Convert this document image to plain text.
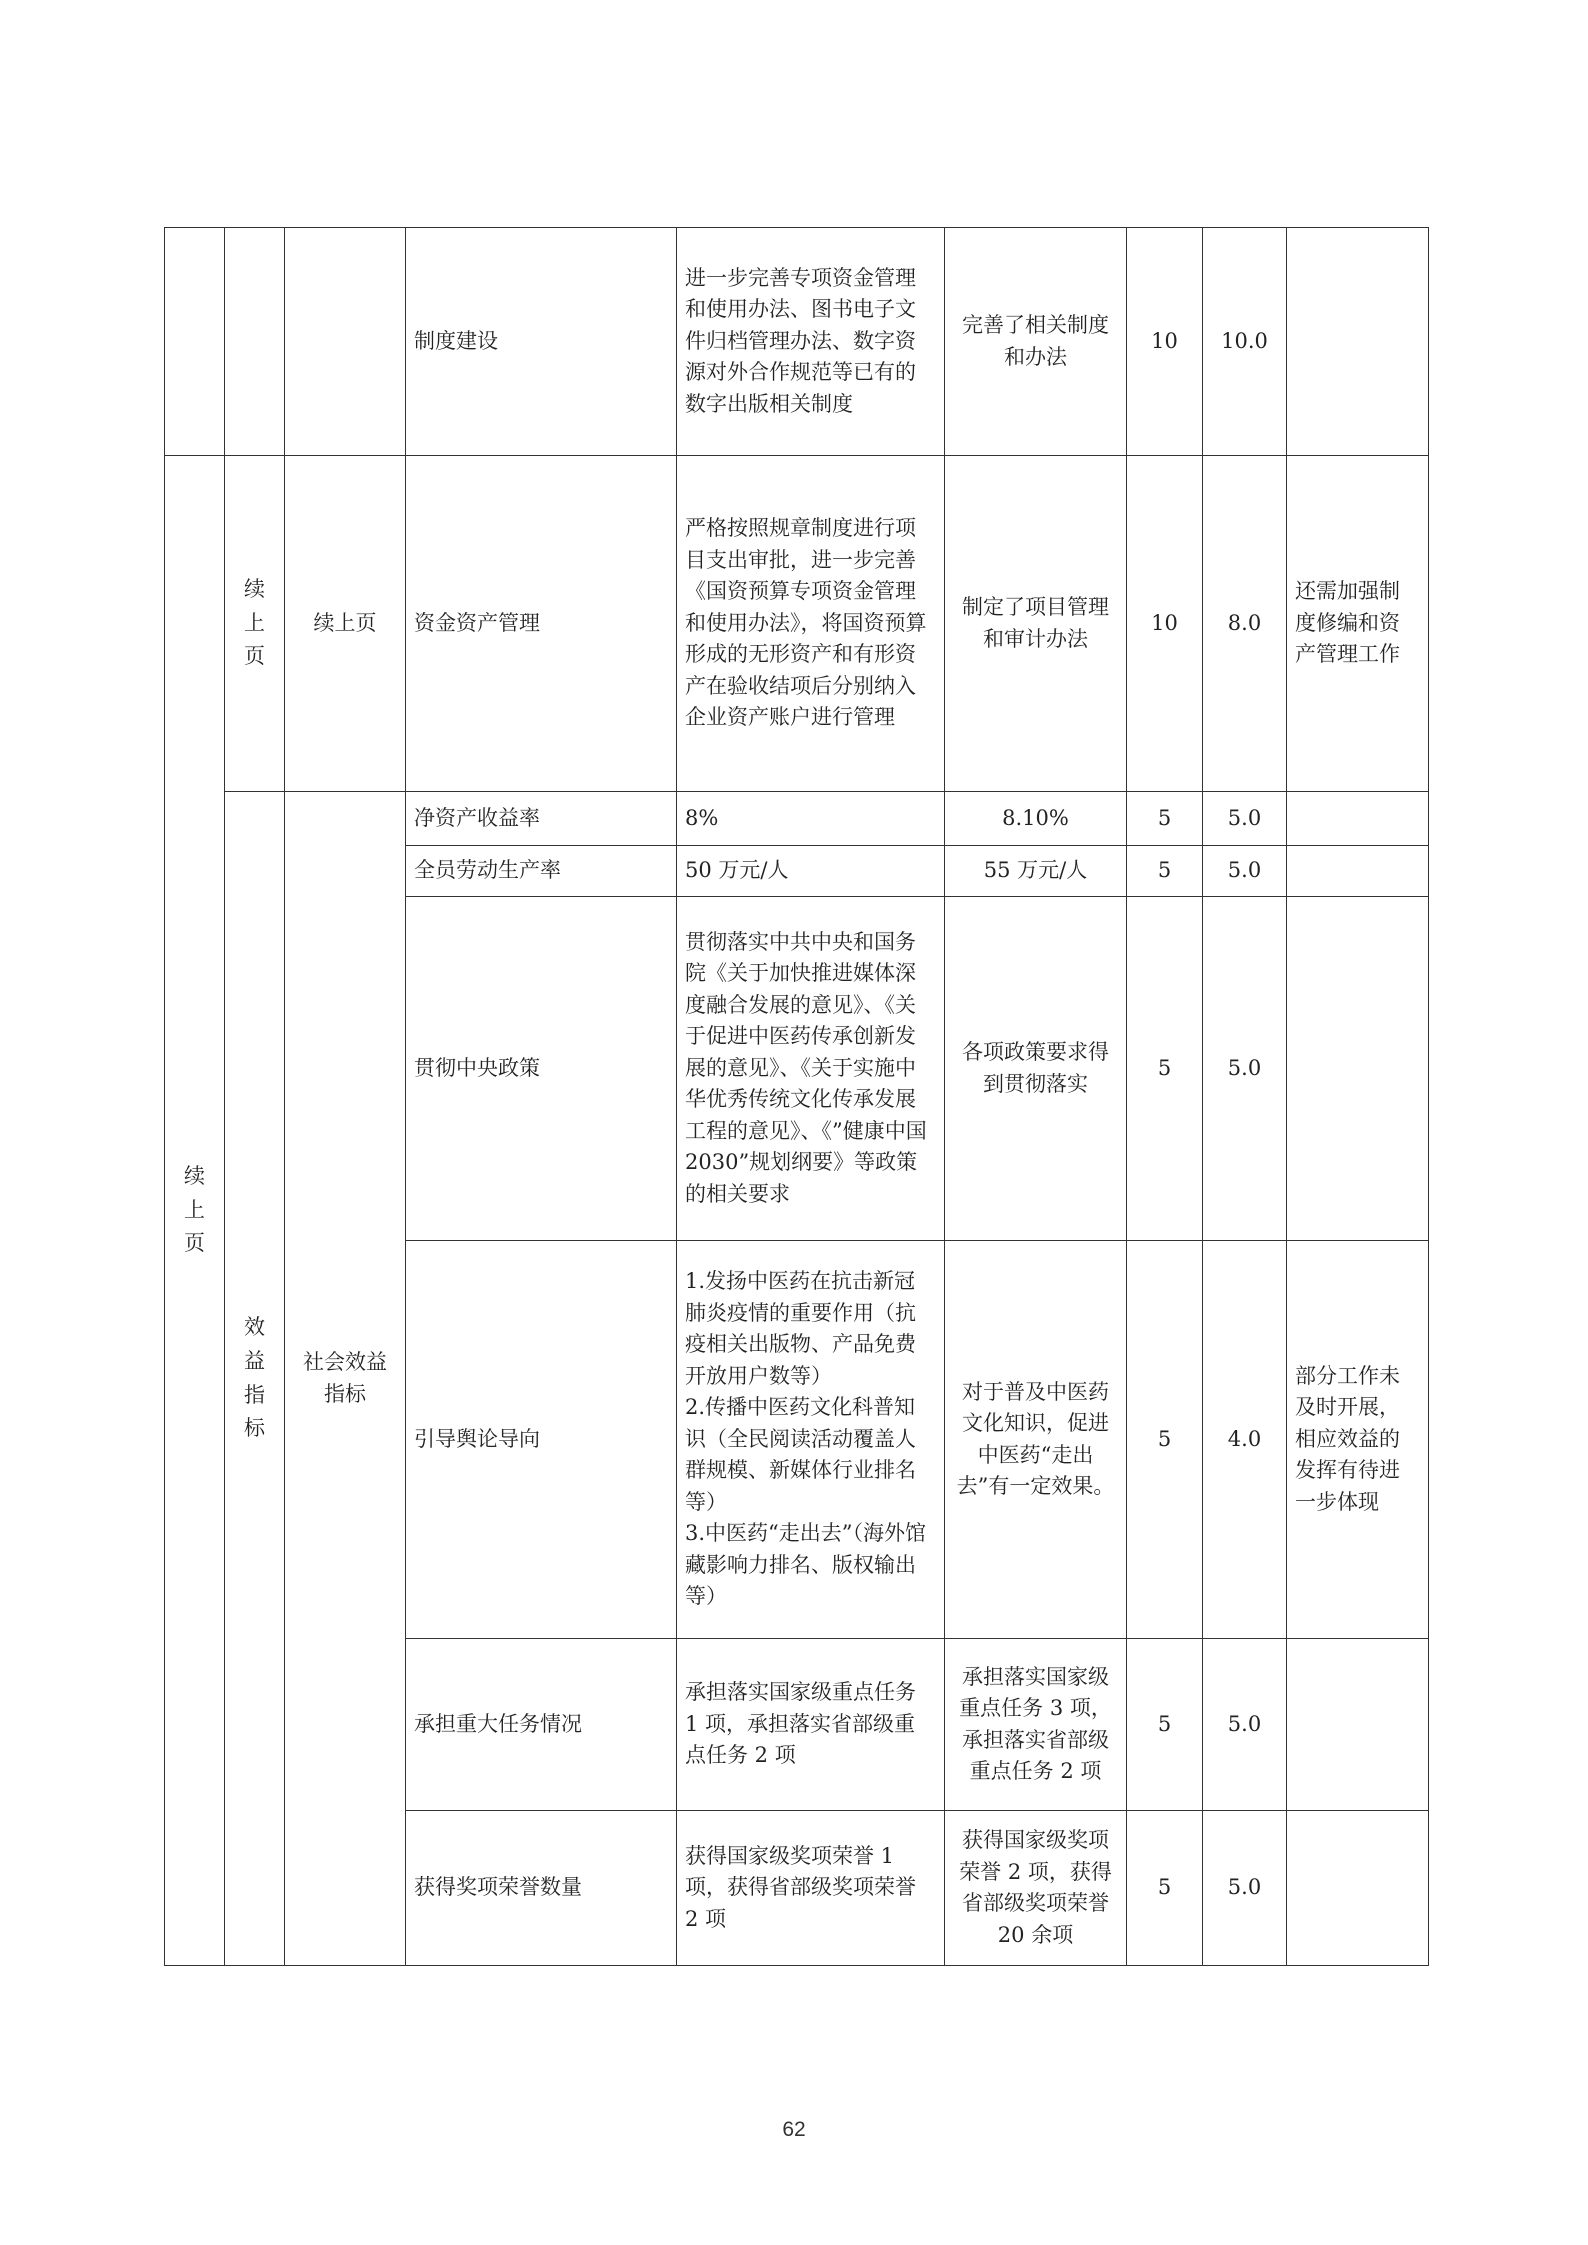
			制度建设	进一步完善专项资金管理和使用办法、图书电子文件归档管理办法、数字资源对外合作规范等已有的数字出版相关制度	完善了相关制度和办法	10	10.0	

续上页	续上页	续上页	资金资产管理	严格按照规章制度进行项目支出审批，进一步完善《国资预算专项资金管理和使用办法》，将国资预算形成的无形资产和有形资产在验收结项后分别纳入企业资产账户进行管理	制定了项目管理和审计办法	10	8.0	还需加强制度修编和资产管理工作

	效益指标	社会效益指标	净资产收益率	8%	8.10%	5	5.0	
			全员劳动生产率	50 万元/人	55 万元/人	5	5.0	
			贯彻中央政策	贯彻落实中共中央和国务院《关于加快推进媒体深度融合发展的意见》、《关于促进中医药传承创新发展的意见》、《关于实施中华优秀传统文化传承发展工程的意见》、《”健康中国 2030”规划纲要》等政策的相关要求	各项政策要求得到贯彻落实	5	5.0	
			引导舆论导向	1.发扬中医药在抗击新冠肺炎疫情的重要作用（抗疫相关出版物、产品免费开放用户数等）
2.传播中医药文化科普知识（全民阅读活动覆盖人群规模、新媒体行业排名等）
3.中医药“走出去”（海外馆藏影响力排名、版权输出等）	对于普及中医药文化知识，促进中医药“走出去”有一定效果。	5	4.0	部分工作未及时开展，相应效益的发挥有待进一步体现
			承担重大任务情况	承担落实国家级重点任务 1 项，承担落实省部级重点任务 2 项	承担落实国家级重点任务 3 项，承担落实省部级重点任务 2 项	5	5.0	
			获得奖项荣誉数量	获得国家级奖项荣誉 1 项，获得省部级奖项荣誉 2 项	获得国家级奖项荣誉 2 项，获得省部级奖项荣誉 20 余项	5	5.0	
62
